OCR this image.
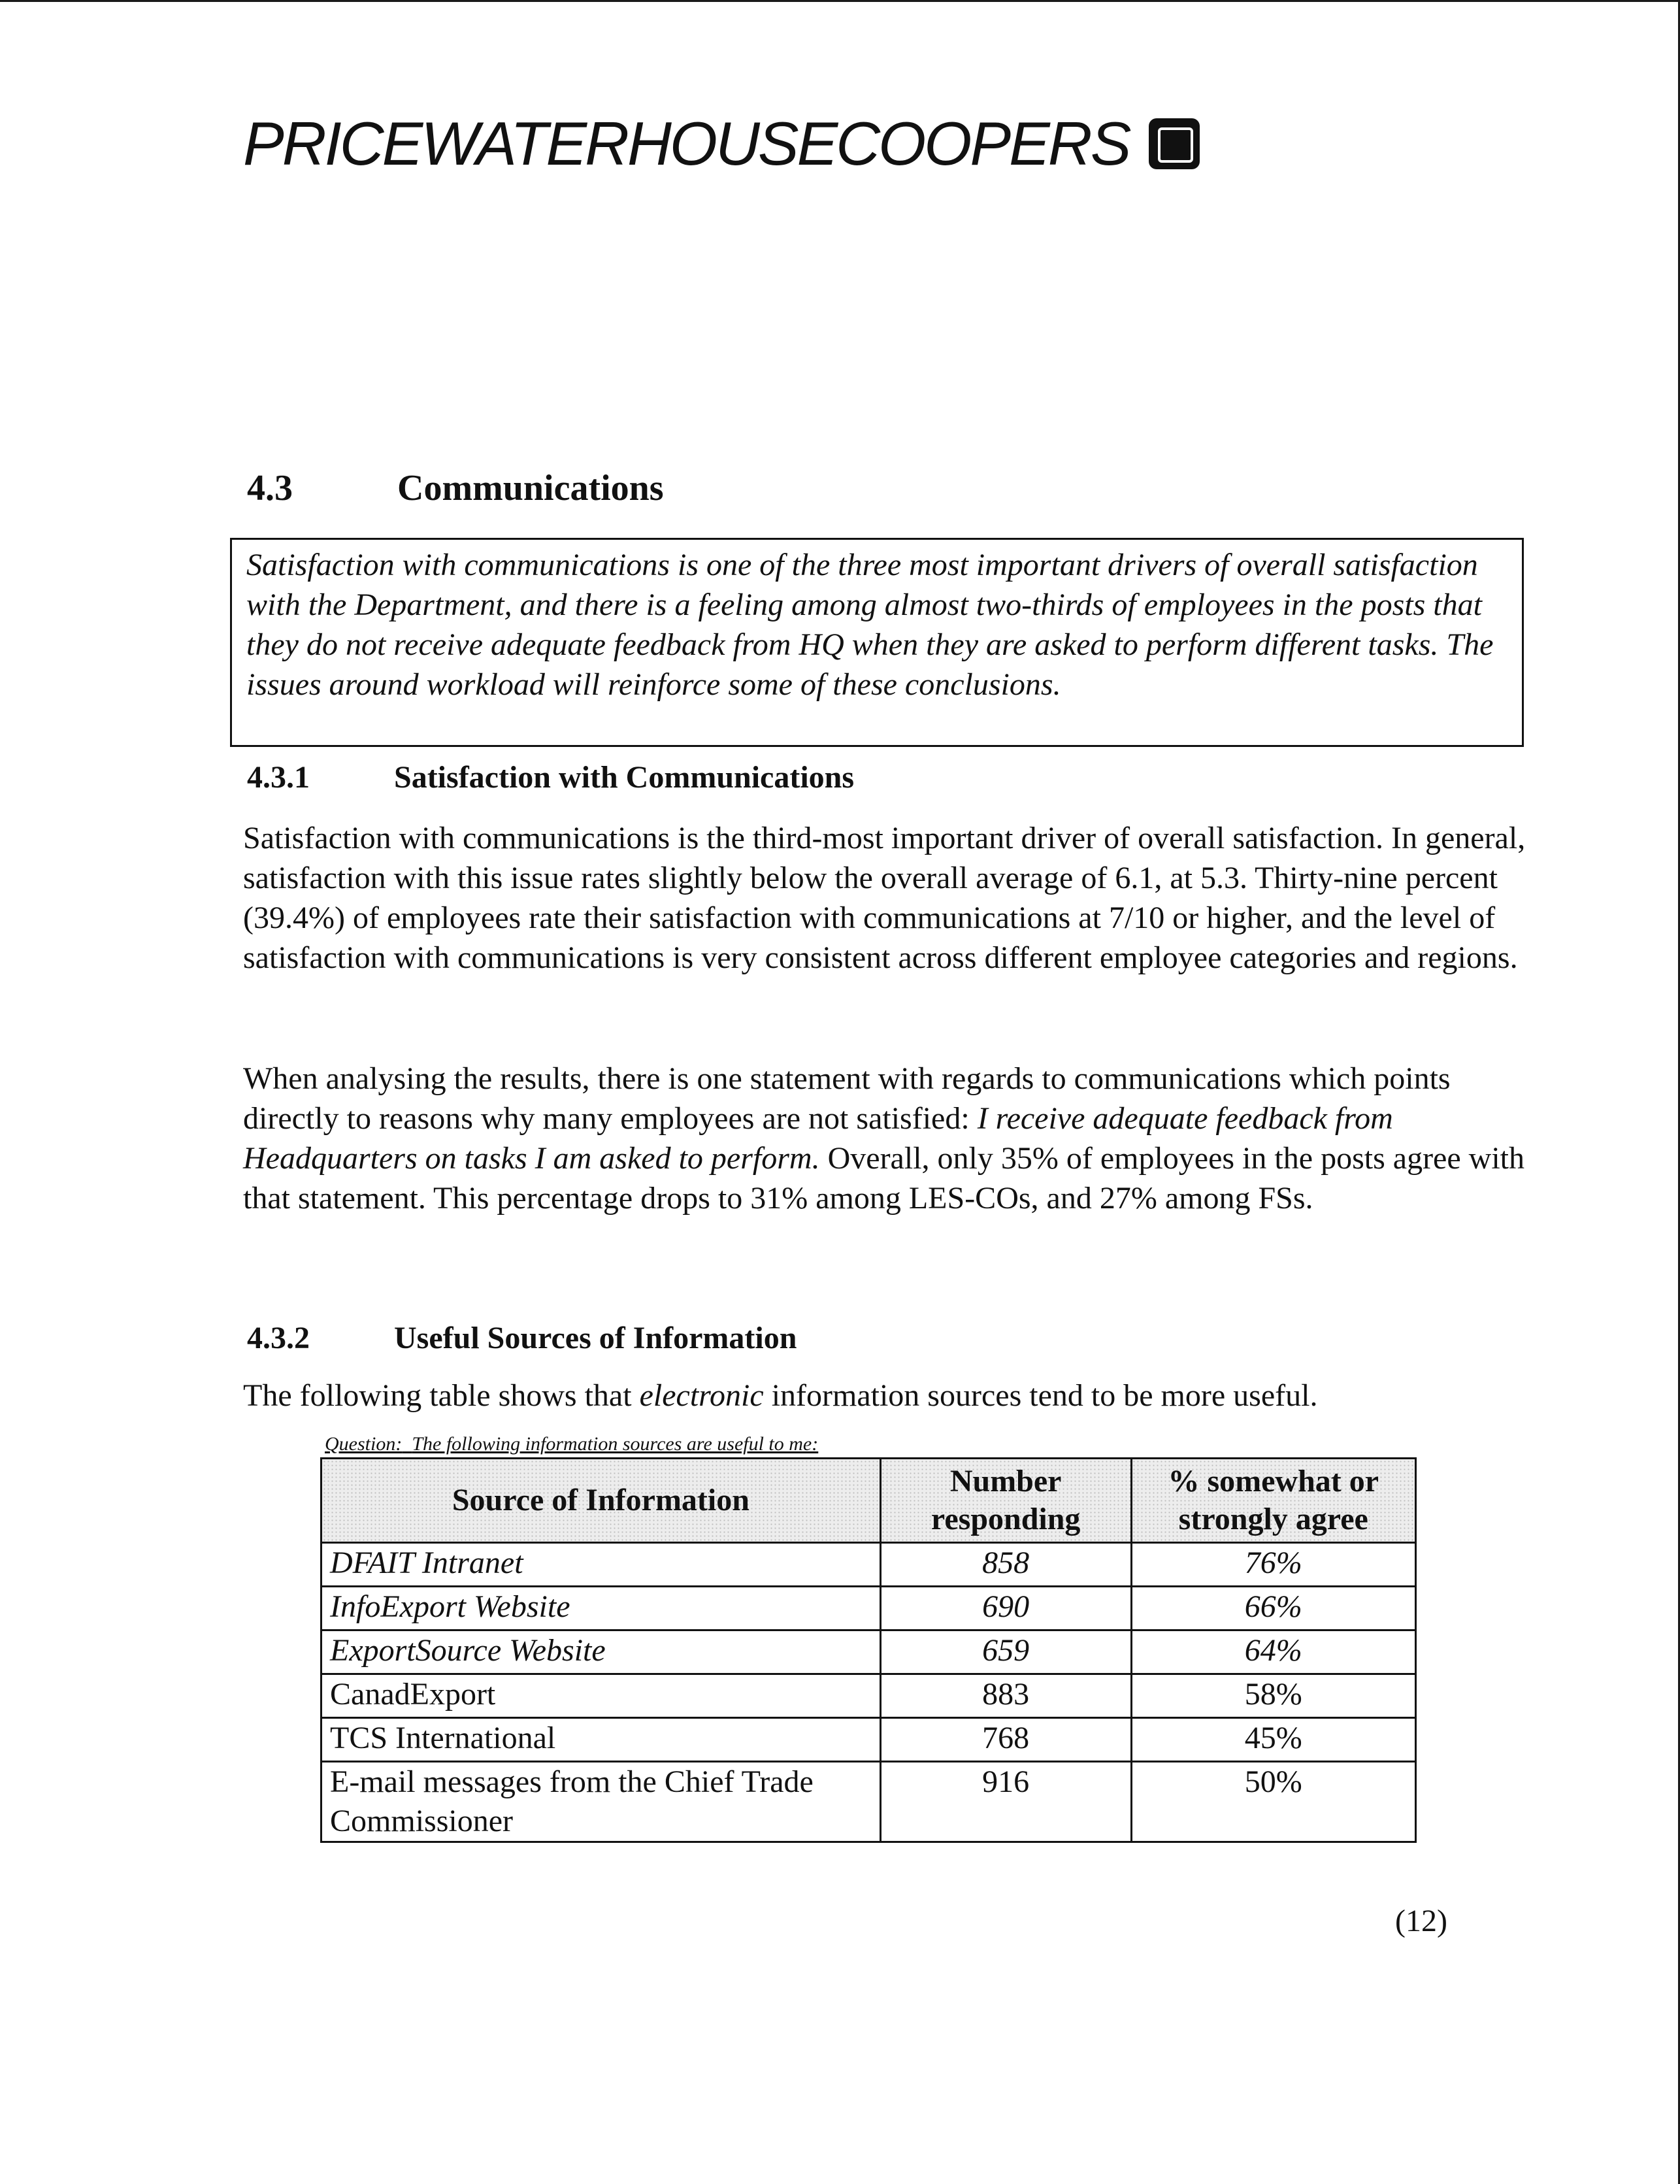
PRICEWATERHOUSECOOPERS
4.3	Communications
Satisfaction with communications is one of the three most important drivers of overall satisfaction with the Department, and there is a feeling among almost two-thirds of employees in the posts that they do not receive adequate feedback from HQ when they are asked to perform different tasks. The issues around workload will reinforce some of these conclusions.
4.3.1	Satisfaction with Communications
Satisfaction with communications is the third-most important driver of overall satisfaction. In general, satisfaction with this issue rates slightly below the overall average of 6.1, at 5.3. Thirty-nine percent (39.4%) of employees rate their satisfaction with communications at 7/10 or higher, and the level of satisfaction with communications is very consistent across different employee categories and regions.
When analysing the results, there is one statement with regards to communications which points directly to reasons why many employees are not satisfied: I receive adequate feedback from Headquarters on tasks I am asked to perform. Overall, only 35% of employees in the posts agree with that statement. This percentage drops to 31% among LES-COs, and 27% among FSs.
4.3.2	Useful Sources of Information
The following table shows that electronic information sources tend to be more useful.
Question: The following information sources are useful to me:
Source of Information	Number responding	% somewhat or strongly agree
DFAIT Intranet	858	76%
InfoExport Website	690	66%
ExportSource Website	659	64%
CanadExport	883	58%
TCS International	768	45%
E-mail messages from the Chief Trade Commissioner	916	50%
(12)
